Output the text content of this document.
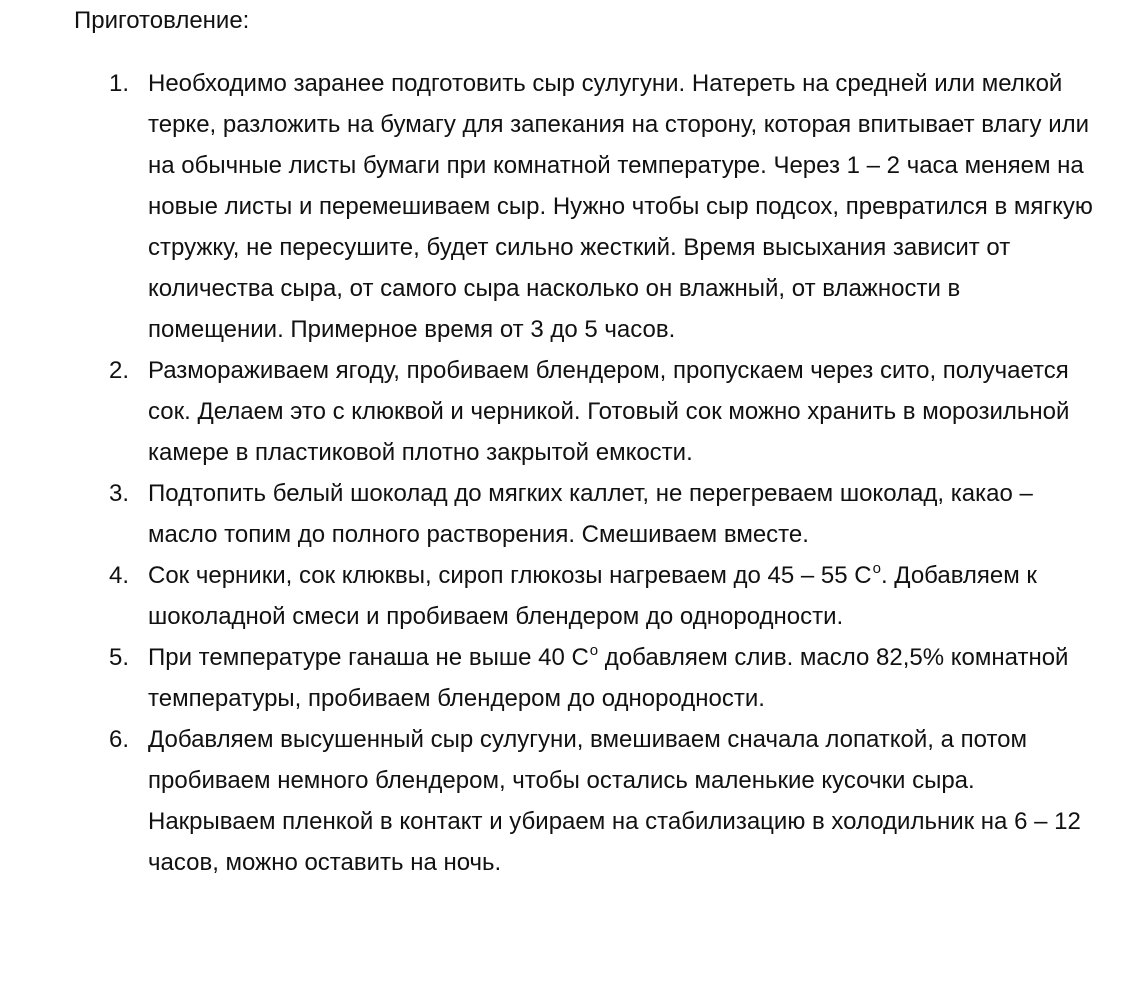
Приготовление:
1. Необходимо заранее подготовить сыр сулугуни. Натереть на средней или мелкой терке, разложить на бумагу для запекания на сторону, которая впитывает влагу или на обычные листы бумаги при комнатной температуре. Через 1 – 2 часа меняем на новые листы и перемешиваем сыр. Нужно чтобы сыр подсох, превратился в мягкую стружку, не пересушите, будет сильно жесткий. Время высыхания зависит от количества сыра, от самого сыра насколько он влажный, от влажности в помещении. Примерное время от 3 до 5 часов.
2. Размораживаем ягоду, пробиваем блендером, пропускаем через сито, получается сок. Делаем это с клюквой и черникой. Готовый сок можно хранить в морозильной камере в пластиковой плотно закрытой емкости.
3. Подтопить белый шоколад до мягких каллет, не перегреваем шоколад, какао – масло топим до полного растворения. Смешиваем вместе.
4. Сок черники, сок клюквы, сироп глюкозы нагреваем до 45 – 55 $С^o$. Добавляем к шоколадной смеси и пробиваем блендером до однородности.
5. При температуре ганаша не выше 40 $С^o$ добавляем слив. масло 82,5% комнатной температуры, пробиваем блендером до однородности.
6. Добавляем высушенный сыр сулугуни, вмешиваем сначала лопаткой, а потом пробиваем немного блендером, чтобы остались маленькие кусочки сыра. Накрываем пленкой в контакт и убираем на стабилизацию в холодильник на 6 – 12 часов, можно оставить на ночь.
